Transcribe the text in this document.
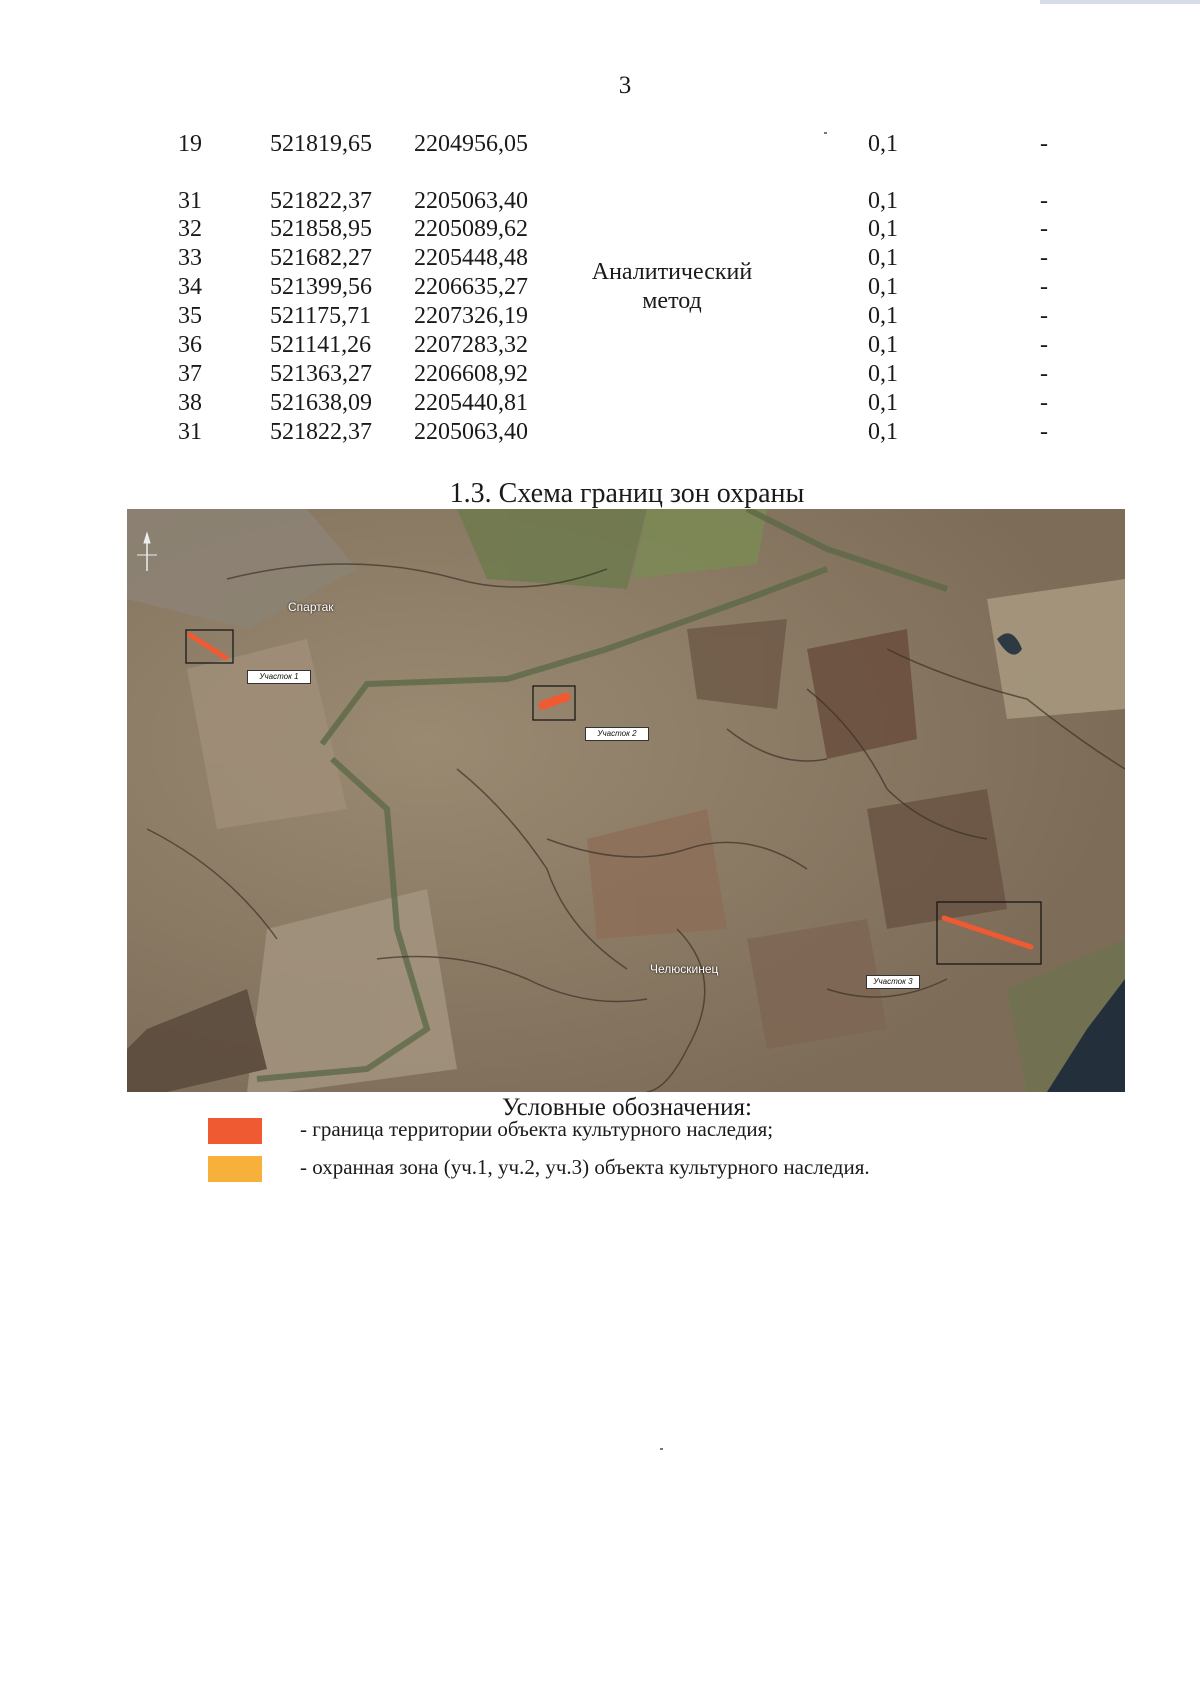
3
19	521819,65 2204956,05	0,1	-
31	521822,37 2205063,40	0,1	-
32	521858,95 2205089,62	0,1	-
33	521682,27 2205448,48	0,1	-
34	521399,56 2206635,27	0,1	-
35	521175,71 2207326,19	0,1	-
36	521141,26 2207283,32	0,1	-
37	521363,27 2206608,92	0,1	-
38	521638,09 2205440,81	0,1	-
31	521822,37 2205063,40	0,1	-
Аналитический
метод
1.3. Схема границ зон охраны
Спартак
Челюскинец
Участок 1
Участок 2
Участок 3
Условные обозначения:
- граница территории объекта культурного наследия;
- охранная зона (уч.1, уч.2, уч.3) объекта культурного наследия.
